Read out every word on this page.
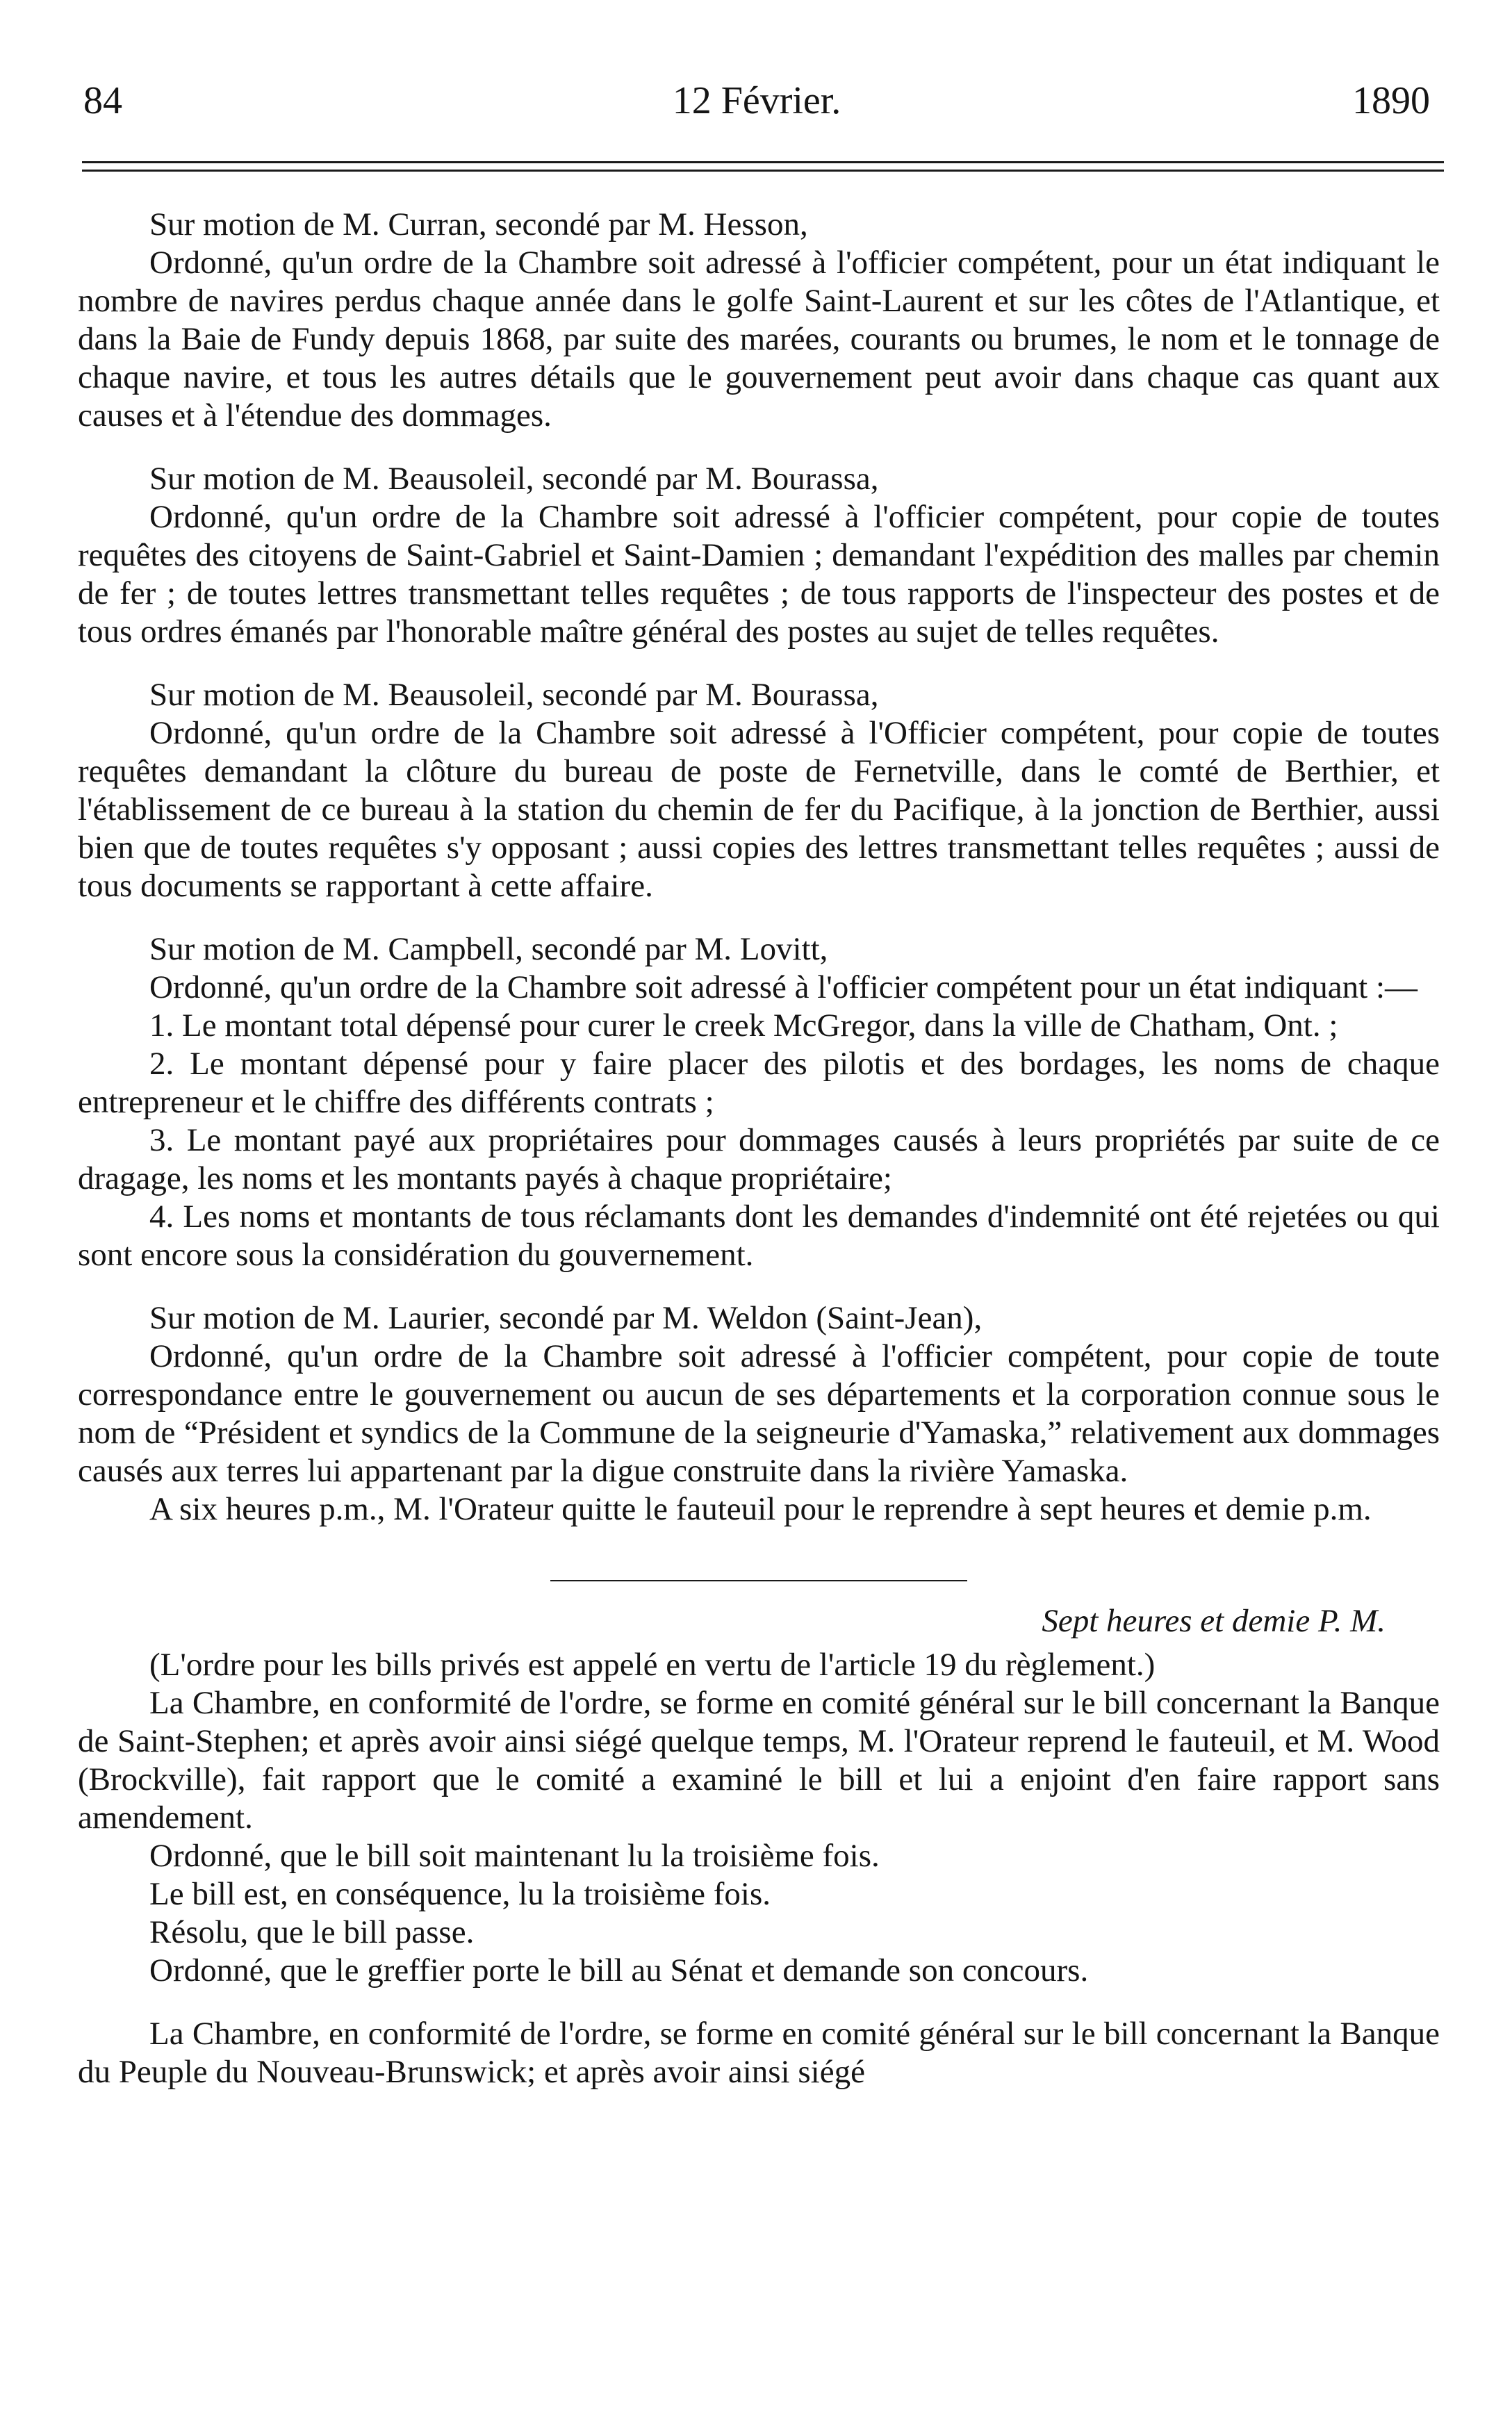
84	12 Février.	1890

Sur motion de M. Curran, secondé par M. Hesson,

Ordonné, qu'un ordre de la Chambre soit adressé à l'officier compétent, pour un état indiquant le nombre de navires perdus chaque année dans le golfe Saint-Laurent et sur les côtes de l'Atlantique, et dans la Baie de Fundy depuis 1868, par suite des marées, courants ou brumes, le nom et le tonnage de chaque navire, et tous les autres détails que le gouvernement peut avoir dans chaque cas quant aux causes et à l'étendue des dommages.

Sur motion de M. Beausoleil, secondé par M. Bourassa,

Ordonné, qu'un ordre de la Chambre soit adressé à l'officier compétent, pour copie de toutes requêtes des citoyens de Saint-Gabriel et Saint-Damien ; demandant l'expédition des malles par chemin de fer ; de toutes lettres transmettant telles requêtes ; de tous rapports de l'inspecteur des postes et de tous ordres émanés par l'honorable maître général des postes au sujet de telles requêtes.

Sur motion de M. Beausoleil, secondé par M. Bourassa,

Ordonné, qu'un ordre de la Chambre soit adressé à l'Officier compétent, pour copie de toutes requêtes demandant la clôture du bureau de poste de Fernetville, dans le comté de Berthier, et l'établissement de ce bureau à la station du chemin de fer du Pacifique, à la jonction de Berthier, aussi bien que de toutes requêtes s'y opposant ; aussi copies des lettres transmettant telles requêtes ; aussi de tous documents se rapportant à cette affaire.

Sur motion de M. Campbell, secondé par M. Lovitt,

Ordonné, qu'un ordre de la Chambre soit adressé à l'officier compétent pour un état indiquant :—

1. Le montant total dépensé pour curer le creek McGregor, dans la ville de Chatham, Ont. ;

2. Le montant dépensé pour y faire placer des pilotis et des bordages, les noms de chaque entrepreneur et le chiffre des différents contrats ;

3. Le montant payé aux propriétaires pour dommages causés à leurs propriétés par suite de ce dragage, les noms et les montants payés à chaque propriétaire;

4. Les noms et montants de tous réclamants dont les demandes d'indemnité ont été rejetées ou qui sont encore sous la considération du gouvernement.

Sur motion de M. Laurier, secondé par M. Weldon (Saint-Jean),

Ordonné, qu'un ordre de la Chambre soit adressé à l'officier compétent, pour copie de toute correspondance entre le gouvernement ou aucun de ses départements et la corporation connue sous le nom de “Président et syndics de la Commune de la seigneurie d'Yamaska,” relativement aux dommages causés aux terres lui appartenant par la digue construite dans la rivière Yamaska.

A six heures p.m., M. l'Orateur quitte le fauteuil pour le reprendre à sept heures et demie p.m.

Sept heures et demie P. M.

(L'ordre pour les bills privés est appelé en vertu de l'article 19 du règlement.)

La Chambre, en conformité de l'ordre, se forme en comité général sur le bill concernant la Banque de Saint-Stephen; et après avoir ainsi siégé quelque temps, M. l'Orateur reprend le fauteuil, et M. Wood (Brockville), fait rapport que le comité a examiné le bill et lui a enjoint d'en faire rapport sans amendement.

Ordonné, que le bill soit maintenant lu la troisième fois.

Le bill est, en conséquence, lu la troisième fois.

Résolu, que le bill passe.

Ordonné, que le greffier porte le bill au Sénat et demande son concours.

La Chambre, en conformité de l'ordre, se forme en comité général sur le bill concernant la Banque du Peuple du Nouveau-Brunswick; et après avoir ainsi siégé
